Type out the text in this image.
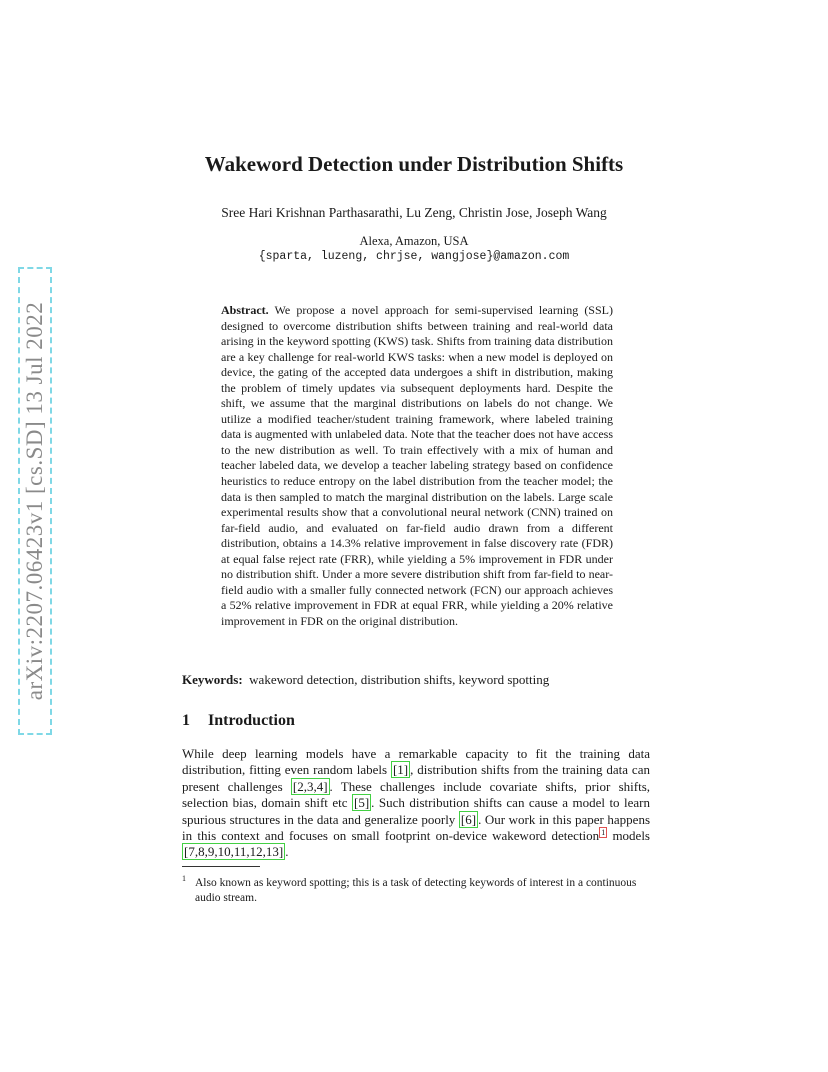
arXiv:2207.06423v1 [cs.SD] 13 Jul 2022
Wakeword Detection under Distribution Shifts
Sree Hari Krishnan Parthasarathi, Lu Zeng, Christin Jose, Joseph Wang
Alexa, Amazon, USA
{sparta, luzeng, chrjse, wangjose}@amazon.com
Abstract. We propose a novel approach for semi-supervised learning (SSL) designed to overcome distribution shifts between training and real-world data arising in the keyword spotting (KWS) task. Shifts from training data distribution are a key challenge for real-world KWS tasks: when a new model is deployed on device, the gating of the accepted data undergoes a shift in distribution, making the problem of timely updates via subsequent deployments hard. Despite the shift, we assume that the marginal distributions on labels do not change. We utilize a modified teacher/student training framework, where labeled training data is augmented with unlabeled data. Note that the teacher does not have access to the new distribution as well. To train effectively with a mix of human and teacher labeled data, we develop a teacher labeling strategy based on confidence heuristics to reduce entropy on the label distribution from the teacher model; the data is then sampled to match the marginal distribution on the labels. Large scale experimental results show that a convolutional neural network (CNN) trained on far-field audio, and evaluated on far-field audio drawn from a different distribution, obtains a 14.3% relative improvement in false discovery rate (FDR) at equal false reject rate (FRR), while yielding a 5% improvement in FDR under no distribution shift. Under a more severe distribution shift from far-field to near-field audio with a smaller fully connected network (FCN) our approach achieves a 52% relative improvement in FDR at equal FRR, while yielding a 20% relative improvement in FDR on the original distribution.
Keywords: wakeword detection, distribution shifts, keyword spotting
1 Introduction
While deep learning models have a remarkable capacity to fit the training data distribution, fitting even random labels [1] , distribution shifts from the training data can present challenges [2,3,4] . These challenges include covariate shifts, prior shifts, selection bias, domain shift etc [5] . Such distribution shifts can cause a model to learn spurious structures in the data and generalize poorly [6] . Our work in this paper happens in this context and focuses on small footprint on-device wakeword detection $^1$ models [7,8,9,10,11,12,13] .
$^1$ Also known as keyword spotting; this is a task of detecting keywords of interest in a continuous audio stream.
